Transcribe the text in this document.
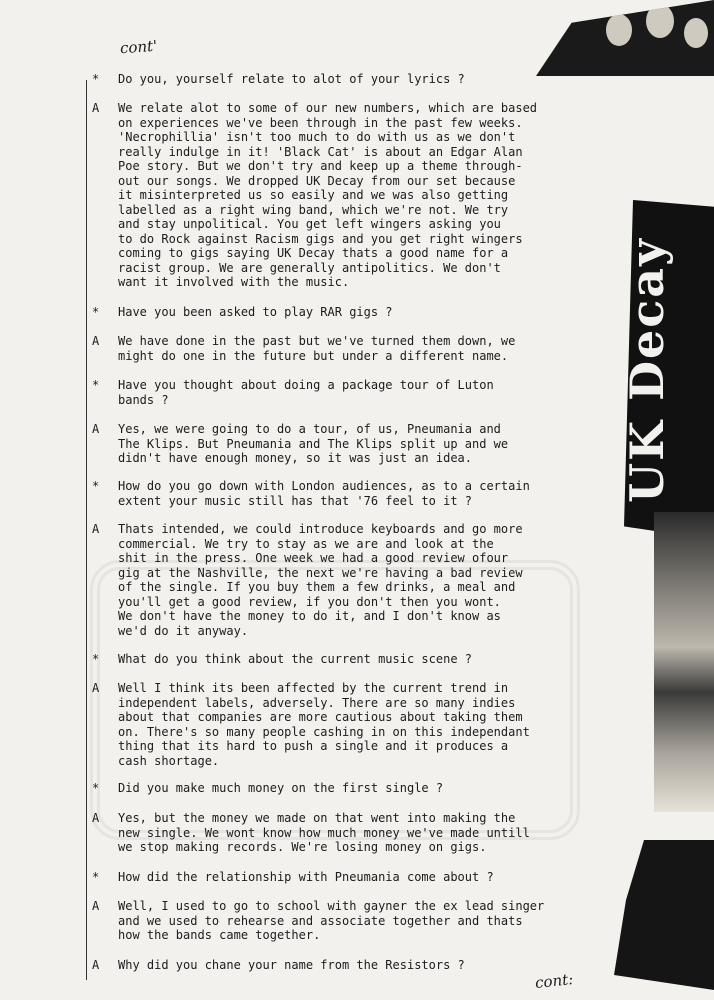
cont'
UK Decay
* Do you, yourself relate to alot of your lyrics ?
A We relate alot to some of our new numbers, which are based
on experiences we've been through in the past few weeks.
'Necrophillia' isn't too much to do with us as we don't
really indulge in it! 'Black Cat' is about an Edgar Alan
Poe story. But we don't try and keep up a theme through-
out our songs. We dropped UK Decay from our set because
it misinterpreted us so easily and we was also getting
labelled as a right wing band, which we're not. We try
and stay unpolitical. You get left wingers asking you
to do Rock against Racism gigs and you get right wingers
coming to gigs saying UK Decay thats a good name for a
racist group. We are generally antipolitics. We don't
want it involved with the music.
* Have you been asked to play RAR gigs ?
A We have done in the past but we've turned them down, we
might do one in the future but under a different name.
* Have you thought about doing a package tour of Luton
bands ?
A Yes, we were going to do a tour, of us, Pneumania and
The Klips. But Pneumania and The Klips split up and we
didn't have enough money, so it was just an idea.
* How do you go down with London audiences, as to a certain
extent your music still has that '76 feel to it ?
A Thats intended, we could introduce keyboards and go more
commercial. We try to stay as we are and look at the
shit in the press. One week we had a good review ofour
gig at the Nashville, the next we're having a bad review
of the single. If you buy them a few drinks, a meal and
you'll get a good review, if you don't then you wont.
We don't have the money to do it, and I don't know as
we'd do it anyway.
* What do you think about the current music scene ?
A Well I think its been affected by the current trend in
independent labels, adversely. There are so many indies
about that companies are more cautious about taking them
on. There's so many people cashing in on this independant
thing that its hard to push a single and it produces a
cash shortage.
* Did you make much money on the first single ?
A Yes, but the money we made on that went into making the
new single. We wont know how much money we've made untill
we stop making records. We're losing money on gigs.
* How did the relationship with Pneumania come about ?
A Well, I used to go to school with gayner the ex lead singer
and we used to rehearse and associate together and thats
how the bands came together.
A Why did you chane your name from the Resistors ?
cont:
